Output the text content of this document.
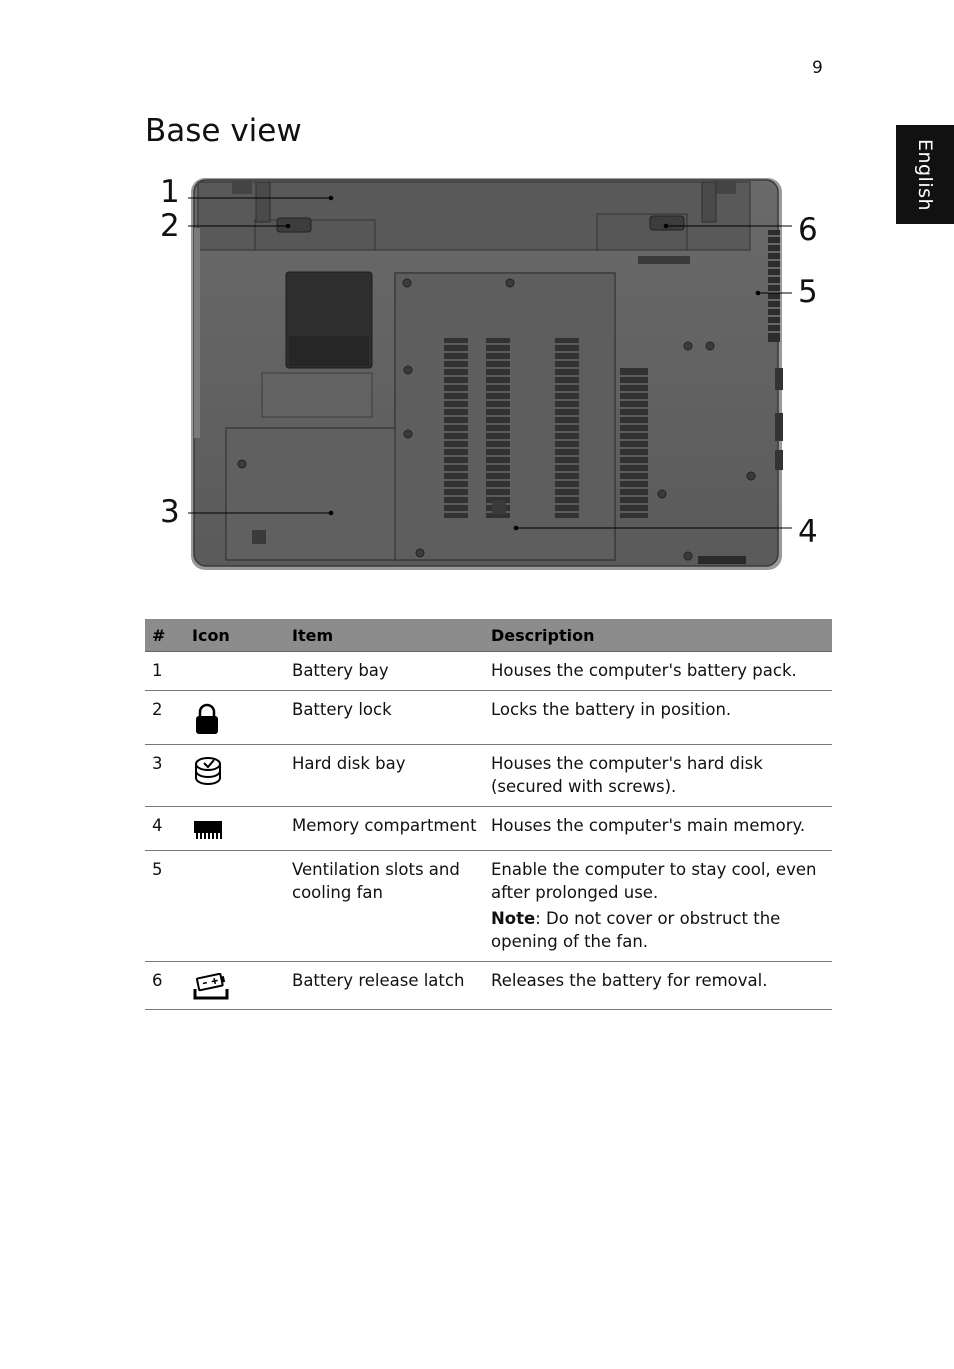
9
English
Base view
1
2
3
4
5
6
#	Icon	Item	Description
1		Battery bay	Houses the computer's battery pack.
2		Battery lock	Locks the battery in position.
3		Hard disk bay	Houses the computer's hard disk (secured with screws).
4		Memory compartment	Houses the computer's main memory.
5		Ventilation slots and cooling fan	Enable the computer to stay cool, even after prolonged use.

Note: Do not cover or obstruct the opening of the fan.

6		Battery release latch	Releases the battery for removal.
